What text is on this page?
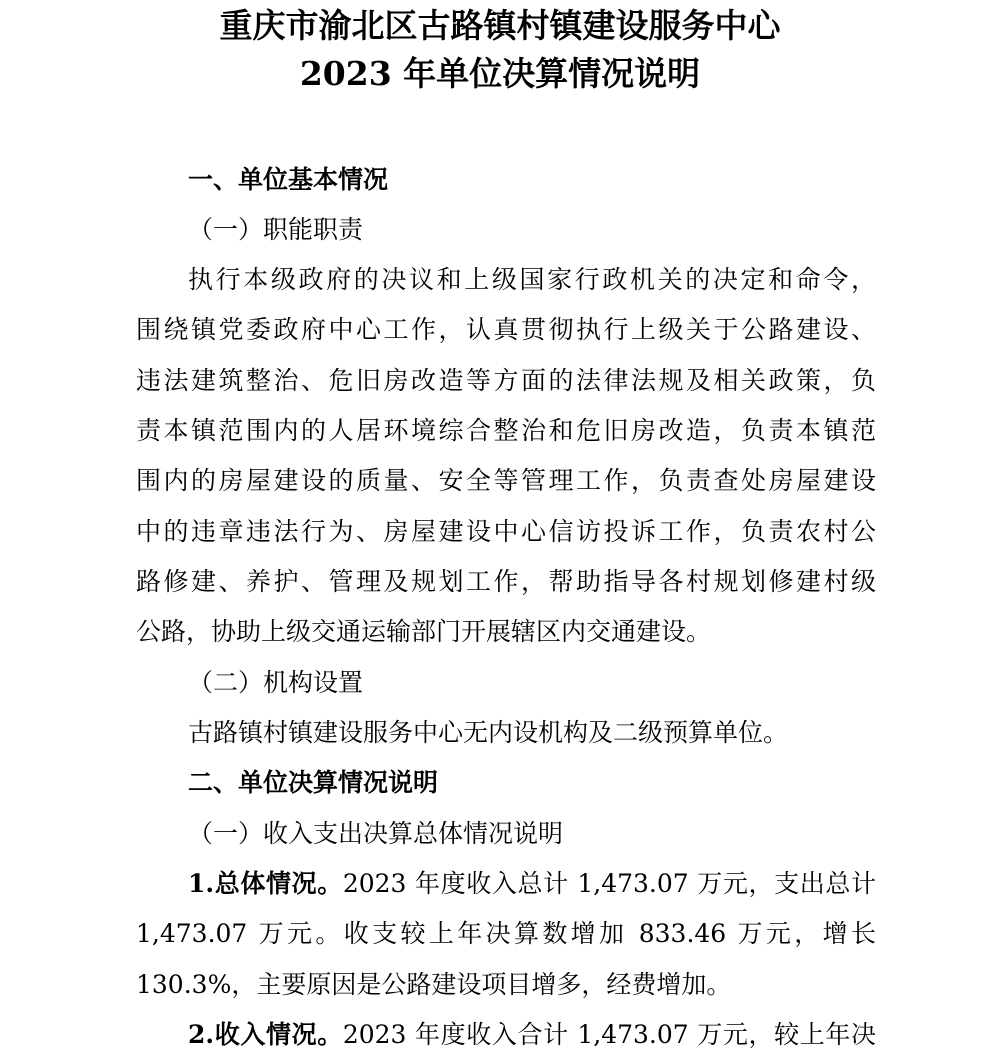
重庆市渝北区古路镇村镇建设服务中心
2023 年单位决算情况说明
一、单位基本情况
（一）职能职责
执行本级政府的决议和上级国家行政机关的决定和命令，
围绕镇党委政府中心工作，认真贯彻执行上级关于公路建设、
违法建筑整治、危旧房改造等方面的法律法规及相关政策，负
责本镇范围内的人居环境综合整治和危旧房改造，负责本镇范
围内的房屋建设的质量、安全等管理工作，负责查处房屋建设
中的违章违法行为、房屋建设中心信访投诉工作，负责农村公
路修建、养护、管理及规划工作，帮助指导各村规划修建村级
公路，协助上级交通运输部门开展辖区内交通建设。
（二）机构设置
古路镇村镇建设服务中心无内设机构及二级预算单位。
二、单位决算情况说明
（一）收入支出决算总体情况说明
1.总体情况。2023 年度收入总计 1,473.07 万元，支出总计
1,473.07 万元。收支较上年决算数增加 833.46 万元，增长
130.3%，主要原因是公路建设项目增多，经费增加。
2.收入情况。2023 年度收入合计 1,473.07 万元，较上年决
